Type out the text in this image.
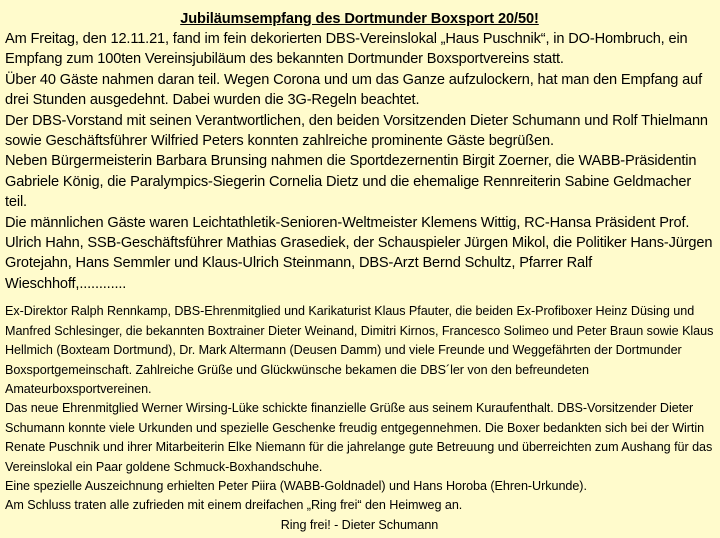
Jubiläumsempfang des Dortmunder Boxsport 20/50!

Am Freitag, den 12.11.21, fand im fein dekorierten DBS-Vereinslokal „Haus Puschnik“, in DO-Hombruch, ein Empfang zum 100ten Vereinsjubiläum des bekannten Dortmunder Boxsportvereins statt.

Über 40 Gäste nahmen daran teil. Wegen Corona und um das Ganze aufzulockern, hat man den Empfang auf drei Stunden ausgedehnt. Dabei wurden die 3G-Regeln beachtet.

Der DBS-Vorstand mit seinen Verantwortlichen, den beiden Vorsitzenden Dieter Schumann und Rolf Thielmann sowie Geschäftsführer Wilfried Peters konnten zahlreiche prominente Gäste begrüßen.

Neben Bürgermeisterin Barbara Brunsing nahmen die Sportdezernentin Birgit Zoerner, die WABB-Präsidentin Gabriele König, die Paralympics-Siegerin Cornelia Dietz und die ehemalige Rennreiterin Sabine Geldmacher teil.

Die männlichen Gäste waren Leichtathletik-Senioren-Weltmeister Klemens Wittig, RC-Hansa Präsident Prof. Ulrich Hahn, SSB-Geschäftsführer Mathias Grasediek, der Schauspieler Jürgen Mikol, die Politiker Hans-Jürgen Grotejahn, Hans Semmler und Klaus-Ulrich Steinmann, DBS-Arzt Bernd Schultz, Pfarrer Ralf Wieschhoff,............

Ex-Direktor Ralph Rennkamp, DBS-Ehrenmitglied und Karikaturist Klaus Pfauter, die beiden Ex-Profiboxer Heinz Düsing und Manfred Schlesinger, die bekannten Boxtrainer Dieter Weinand, Dimitri Kirnos, Francesco Solimeo und Peter Braun sowie Klaus Hellmich (Boxteam Dortmund), Dr. Mark Altermann (Deusen Damm) und viele Freunde und Weggefährten der Dortmunder Boxsportgemeinschaft. Zahlreiche Grüße und Glückwünsche bekamen die DBS´ler von den befreundeten Amateurboxsportvereinen.

Das neue Ehrenmitglied Werner Wirsing-Lüke schickte finanzielle Grüße aus seinem Kuraufenthalt. DBS-Vorsitzender Dieter Schumann konnte viele Urkunden und spezielle Geschenke freudig entgegennehmen. Die Boxer bedankten sich bei der Wirtin Renate Puschnik und ihrer Mitarbeiterin Elke Niemann für die jahrelange gute Betreuung und überreichten zum Aushang für das Vereinslokal ein Paar goldene Schmuck-Boxhandschuhe.

Eine spezielle Auszeichnung erhielten Peter Piira (WABB-Goldnadel) und Hans Horoba (Ehren-Urkunde).

Am Schluss traten alle zufrieden mit einem dreifachen „Ring frei“ den Heimweg an.

Ring frei! - Dieter Schumann
